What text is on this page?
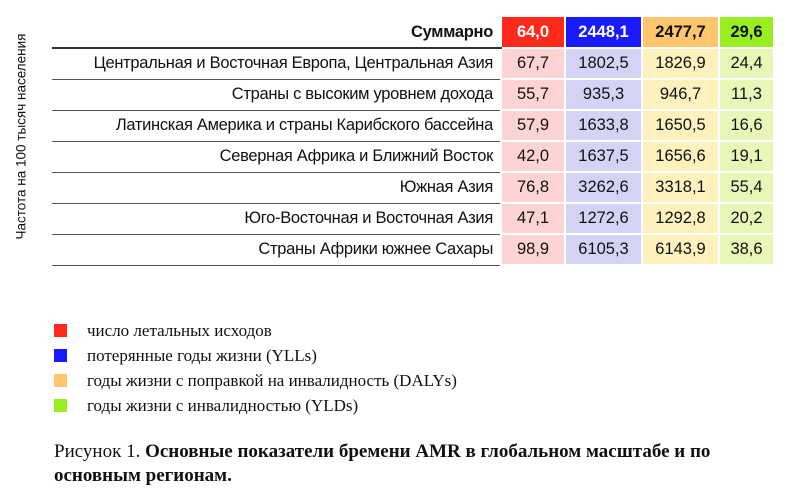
Частота на 100 тысяч населения
Суммарно	64,0	2448,1	2477,7	29,6
Центральная и Восточная Европа, Центральная Азия	67,7	1802,5	1826,9	24,4
Страны с высоким уровнем дохода	55,7	935,3	946,7	11,3
Латинская Америка и страны Карибского бассейна	57,9	1633,8	1650,5	16,6
Северная Африка и Ближний Восток	42,0	1637,5	1656,6	19,1
Южная Азия	76,8	3262,6	3318,1	55,4
Юго-Восточная и Восточная Азия	47,1	1272,6	1292,8	20,2
Страны Африки южнее Сахары	98,9	6105,3	6143,9	38,6
число летальных исходов
потерянные годы жизни (YLLs)
годы жизни с поправкой на инвалидность (DALYs)
годы жизни с инвалидностью (YLDs)
Рисунок 1. Основные показатели бремени AMR в глобальном масштабе и по основным регионам.
